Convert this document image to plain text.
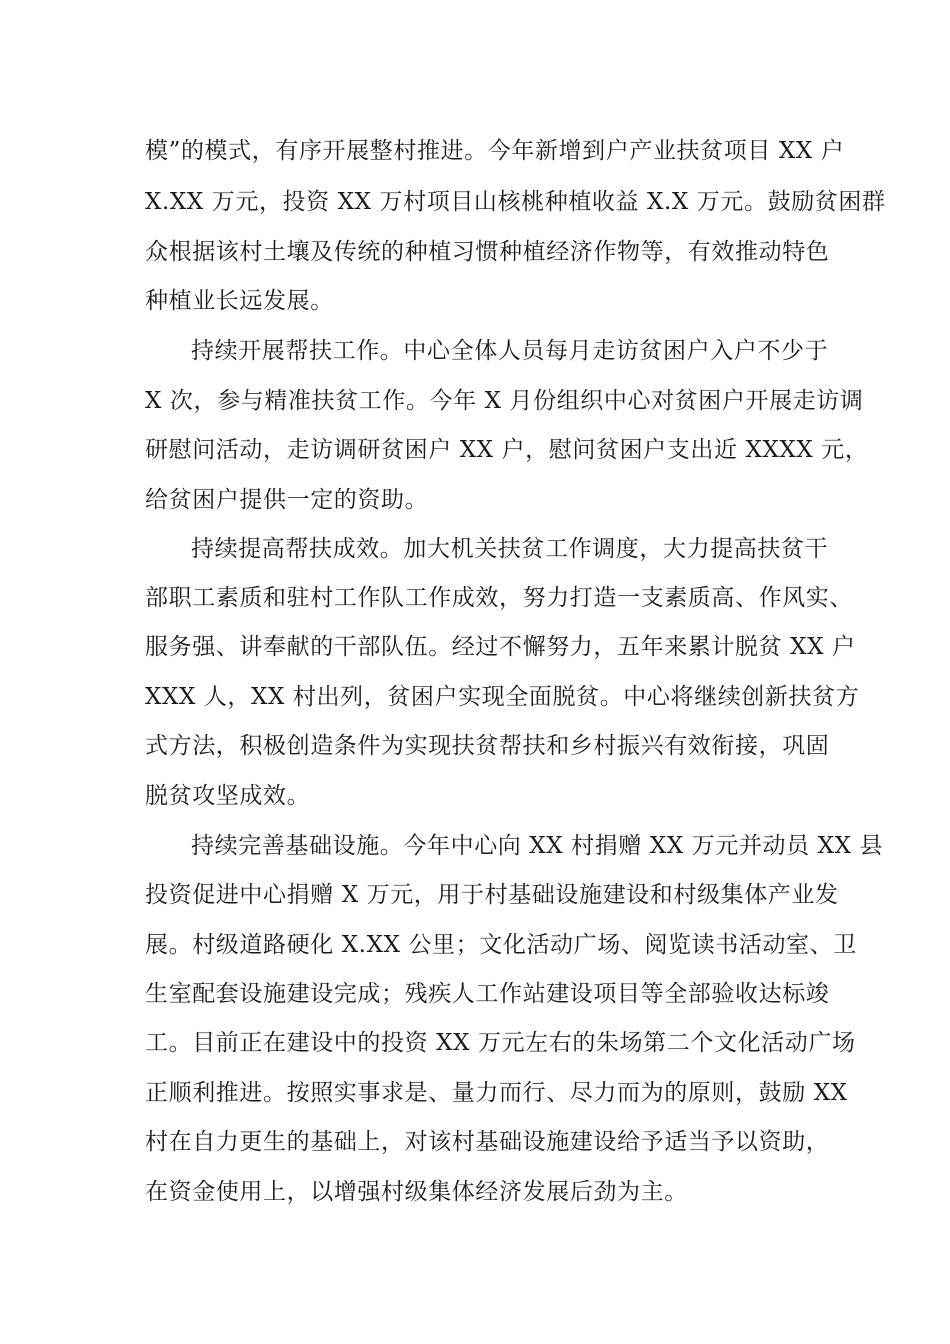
模”的模式，有序开展整村推进。今年新增到户产业扶贫项目 XX 户
X.XX 万元，投资 XX 万村项目山核桃种植收益 X.X 万元。鼓励贫困群
众根据该村土壤及传统的种植习惯种植经济作物等，有效推动特色
种植业长远发展。
持续开展帮扶工作。中心全体人员每月走访贫困户入户不少于
X 次，参与精准扶贫工作。今年 X 月份组织中心对贫困户开展走访调
研慰问活动，走访调研贫困户 XX 户，慰问贫困户支出近 XXXX 元，
给贫困户提供一定的资助。
持续提高帮扶成效。加大机关扶贫工作调度，大力提高扶贫干
部职工素质和驻村工作队工作成效，努力打造一支素质高、作风实、
服务强、讲奉献的干部队伍。经过不懈努力，五年来累计脱贫 XX 户
XXX 人，XX 村出列，贫困户实现全面脱贫。中心将继续创新扶贫方
式方法，积极创造条件为实现扶贫帮扶和乡村振兴有效衔接，巩固
脱贫攻坚成效。
持续完善基础设施。今年中心向 XX 村捐赠 XX 万元并动员 XX 县
投资促进中心捐赠 X 万元，用于村基础设施建设和村级集体产业发
展。村级道路硬化 X.XX 公里；文化活动广场、阅览读书活动室、卫
生室配套设施建设完成；残疾人工作站建设项目等全部验收达标竣
工。目前正在建设中的投资 XX 万元左右的朱场第二个文化活动广场
正顺利推进。按照实事求是、量力而行、尽力而为的原则，鼓励 XX
村在自力更生的基础上，对该村基础设施建设给予适当予以资助，
在资金使用上，以增强村级集体经济发展后劲为主。
